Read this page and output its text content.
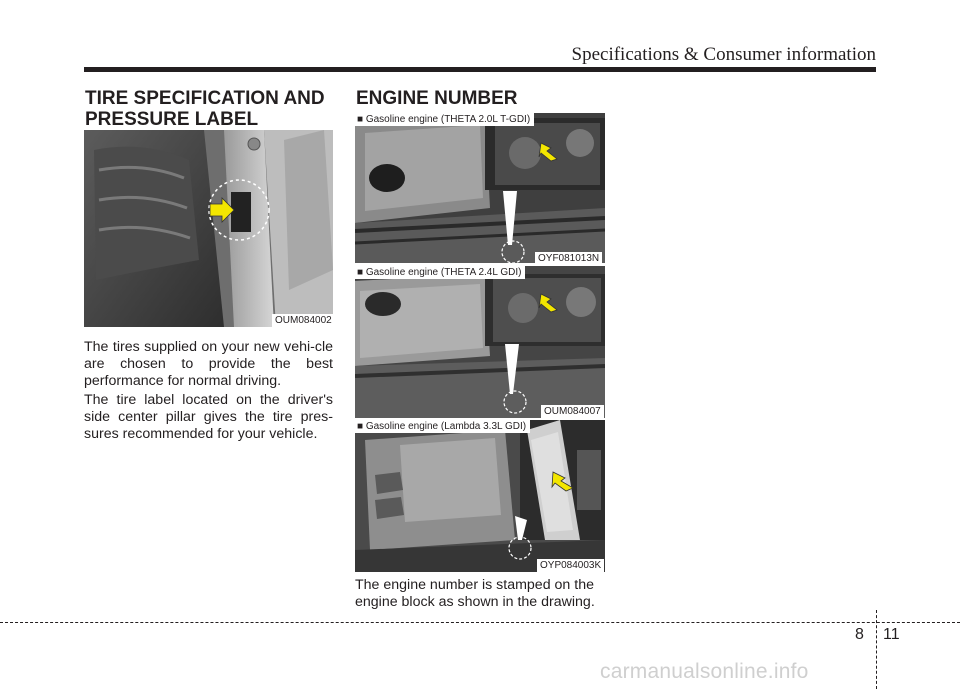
Specifications & Consumer information
TIRE SPECIFICATION AND
PRESSURE LABEL
OUM084002

The tires supplied on your new vehi-cle are chosen to provide the best performance for normal driving.

The tire label located on the driver's side center pillar gives the tire pres-sures recommended for your vehicle.

ENGINE NUMBER
■ Gasoline engine (THETA 2.0L T-GDI)
OYF081013N
■ Gasoline engine (THETA 2.4L GDI)
OUM084007
■ Gasoline engine (Lambda 3.3L GDI)
OYP084003K

The engine number is stamped on the engine block as shown in the drawing.

8 11
carmanualsonline.info
